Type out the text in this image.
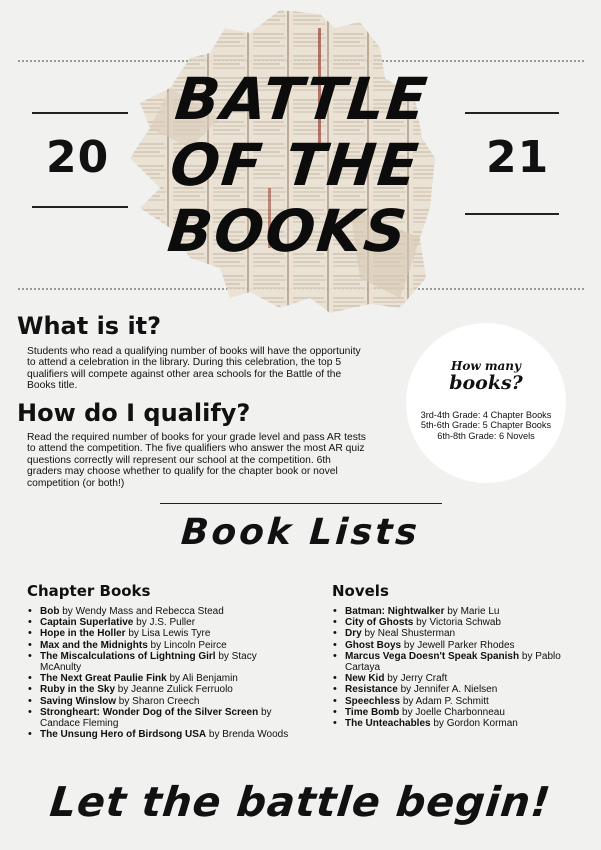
20	21
BATTLE
OF THE
BOOKS
What is it?
Students who read a qualifying number of books will have the opportunity to attend a celebration in the library. During this celebration, the top 5 qualifiers will compete against other area schools for the Battle of the Books title.
How do I qualify?
Read the required number of books for your grade level and pass AR tests to attend the competition. The five qualifiers who answer the most AR quiz questions correctly will represent our school at the competition. 6th graders may choose whether to qualify for the chapter book or novel competition (or both!)
How many
books?
3rd-4th Grade: 4 Chapter Books
5th-6th Grade: 5 Chapter Books
6th-8th Grade: 6 Novels
Book Lists
Chapter Books
• Bob by Wendy Mass and Rebecca Stead
• Captain Superlative by J.S. Puller
• Hope in the Holler by Lisa Lewis Tyre
• Max and the Midnights by Lincoln Peirce
• The Miscalculations of Lightning Girl by Stacy McAnulty
• The Next Great Paulie Fink by Ali Benjamin
• Ruby in the Sky by Jeanne Zulick Ferruolo
• Saving Winslow by Sharon Creech
• Strongheart: Wonder Dog of the Silver Screen by Candace Fleming
• The Unsung Hero of Birdsong USA by Brenda Woods
Novels
• Batman: Nightwalker by Marie Lu
• City of Ghosts by Victoria Schwab
• Dry by Neal Shusterman
• Ghost Boys by Jewell Parker Rhodes
• Marcus Vega Doesn't Speak Spanish by Pablo Cartaya
• New Kid by Jerry Craft
• Resistance by Jennifer A. Nielsen
• Speechless by Adam P. Schmitt
• Time Bomb by Joelle Charbonneau
• The Unteachables by Gordon Korman
Let the battle begin!
